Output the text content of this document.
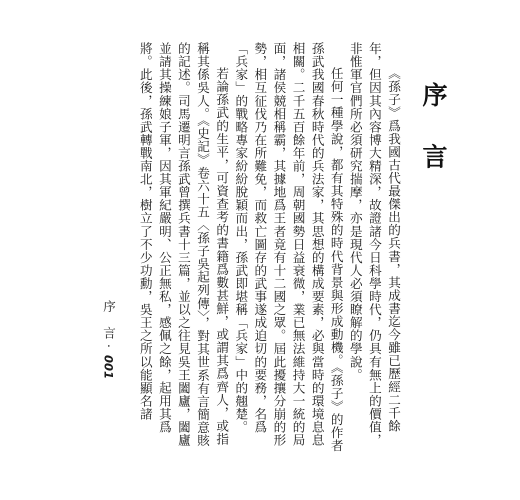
序 言

《孫子》爲我國古代最傑出的兵書，其成書迄今雖已歷經二千餘年，但因其內容博大精深，故證諸今日科學時代，仍具有無上的價值，非惟軍官們所必須研究揣摩，亦是現代人必須瞭解的學說。

任何一種學說，都有其特殊的時代背景與形成動機。《孫子》的作者孫武我國春秋時代的兵法家，其思想的構成要素，必與當時的環境息息相關。二千五百餘年前，周朝國勢日益衰微，業已無法維持大一統的局面，諸侯競相稱霸，其據地爲王者竟有十二國之眾。屆此擾攘分崩的形勢，相互征伐乃在所難免，而救亡圖存的武事遂成迫切的要務，名爲「兵家」的戰略專家紛紛脫穎而出，孫武即堪稱「兵家」中的翹楚。

若論孫武的生平，可資查考的書籍爲數甚鮮，或謂其爲齊人，或指稱其係吳人。《史記》卷六十五〈孫子吳起列傳〉，對其世系有言簡意賅的記述。司馬遷明言孫武曾撰兵書十三篇，並以之往見吳王闔廬，闔廬並請其操練娘子軍，因其軍紀嚴明、公正無私，感佩之餘，起用其爲將。此後，孫武轉戰南北，樹立了不少功勳，吳王之所以能顯名諸

序 言·001
